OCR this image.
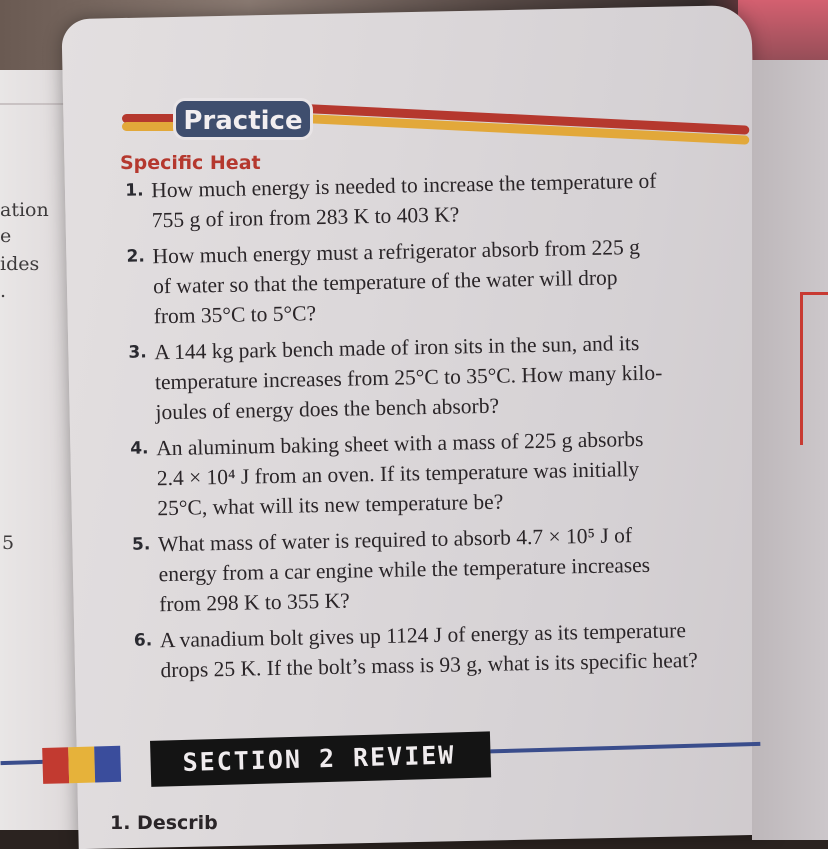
ation
e
ides
.
5
Practice
Specific Heat
1. How much energy is needed to increase the temperature of
755 g of iron from 283 K to 403 K?
2. How much energy must a refrigerator absorb from 225 g
of water so that the temperature of the water will drop
from 35°C to 5°C?
3. A 144 kg park bench made of iron sits in the sun, and its
temperature increases from 25°C to 35°C. How many kilo-
joules of energy does the bench absorb?
4. An aluminum baking sheet with a mass of 225 g absorbs
2.4 × 10⁴ J from an oven. If its temperature was initially
25°C, what will its new temperature be?
5. What mass of water is required to absorb 4.7 × 10⁵ J of
energy from a car engine while the temperature increases
from 298 K to 355 K?
6. A vanadium bolt gives up 1124 J of energy as its temperature
drops 25 K. If the bolt’s mass is 93 g, what is its specific heat?
SECTION 2 REVIEW
1. Describ
